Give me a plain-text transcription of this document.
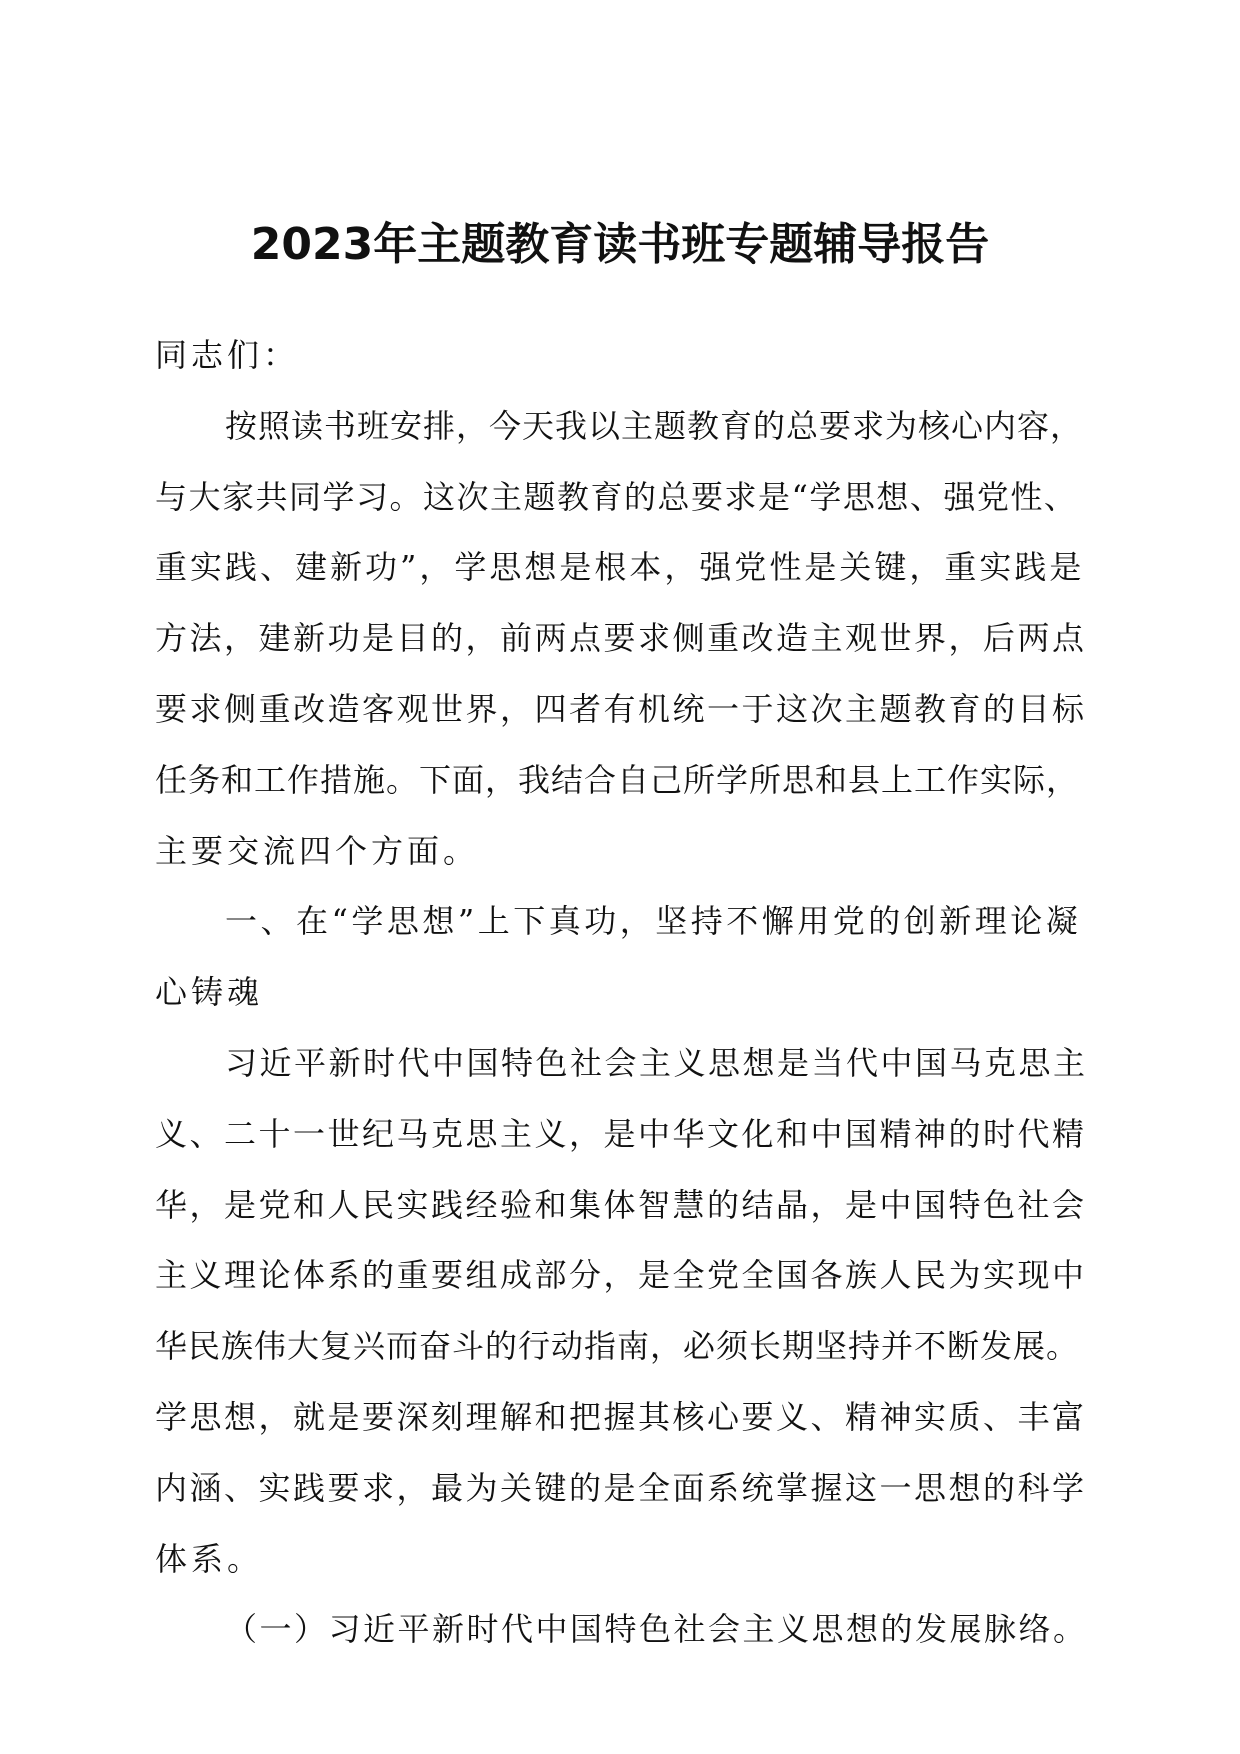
2023年主题教育读书班专题辅导报告
同志们：
按照读书班安排，今天我以主题教育的总要求为核心内容，
与大家共同学习。这次主题教育的总要求是“学思想、强党性、
重实践、建新功”，学思想是根本，强党性是关键，重实践是
方法，建新功是目的，前两点要求侧重改造主观世界，后两点
要求侧重改造客观世界，四者有机统一于这次主题教育的目标
任务和工作措施。下面，我结合自己所学所思和县上工作实际，
主要交流四个方面。
一、在“学思想”上下真功，坚持不懈用党的创新理论凝
心铸魂
习近平新时代中国特色社会主义思想是当代中国马克思主
义、二十一世纪马克思主义，是中华文化和中国精神的时代精
华，是党和人民实践经验和集体智慧的结晶，是中国特色社会
主义理论体系的重要组成部分，是全党全国各族人民为实现中
华民族伟大复兴而奋斗的行动指南，必须长期坚持并不断发展。
学思想，就是要深刻理解和把握其核心要义、精神实质、丰富
内涵、实践要求，最为关键的是全面系统掌握这一思想的科学
体系。
（一）习近平新时代中国特色社会主义思想的发展脉络。
